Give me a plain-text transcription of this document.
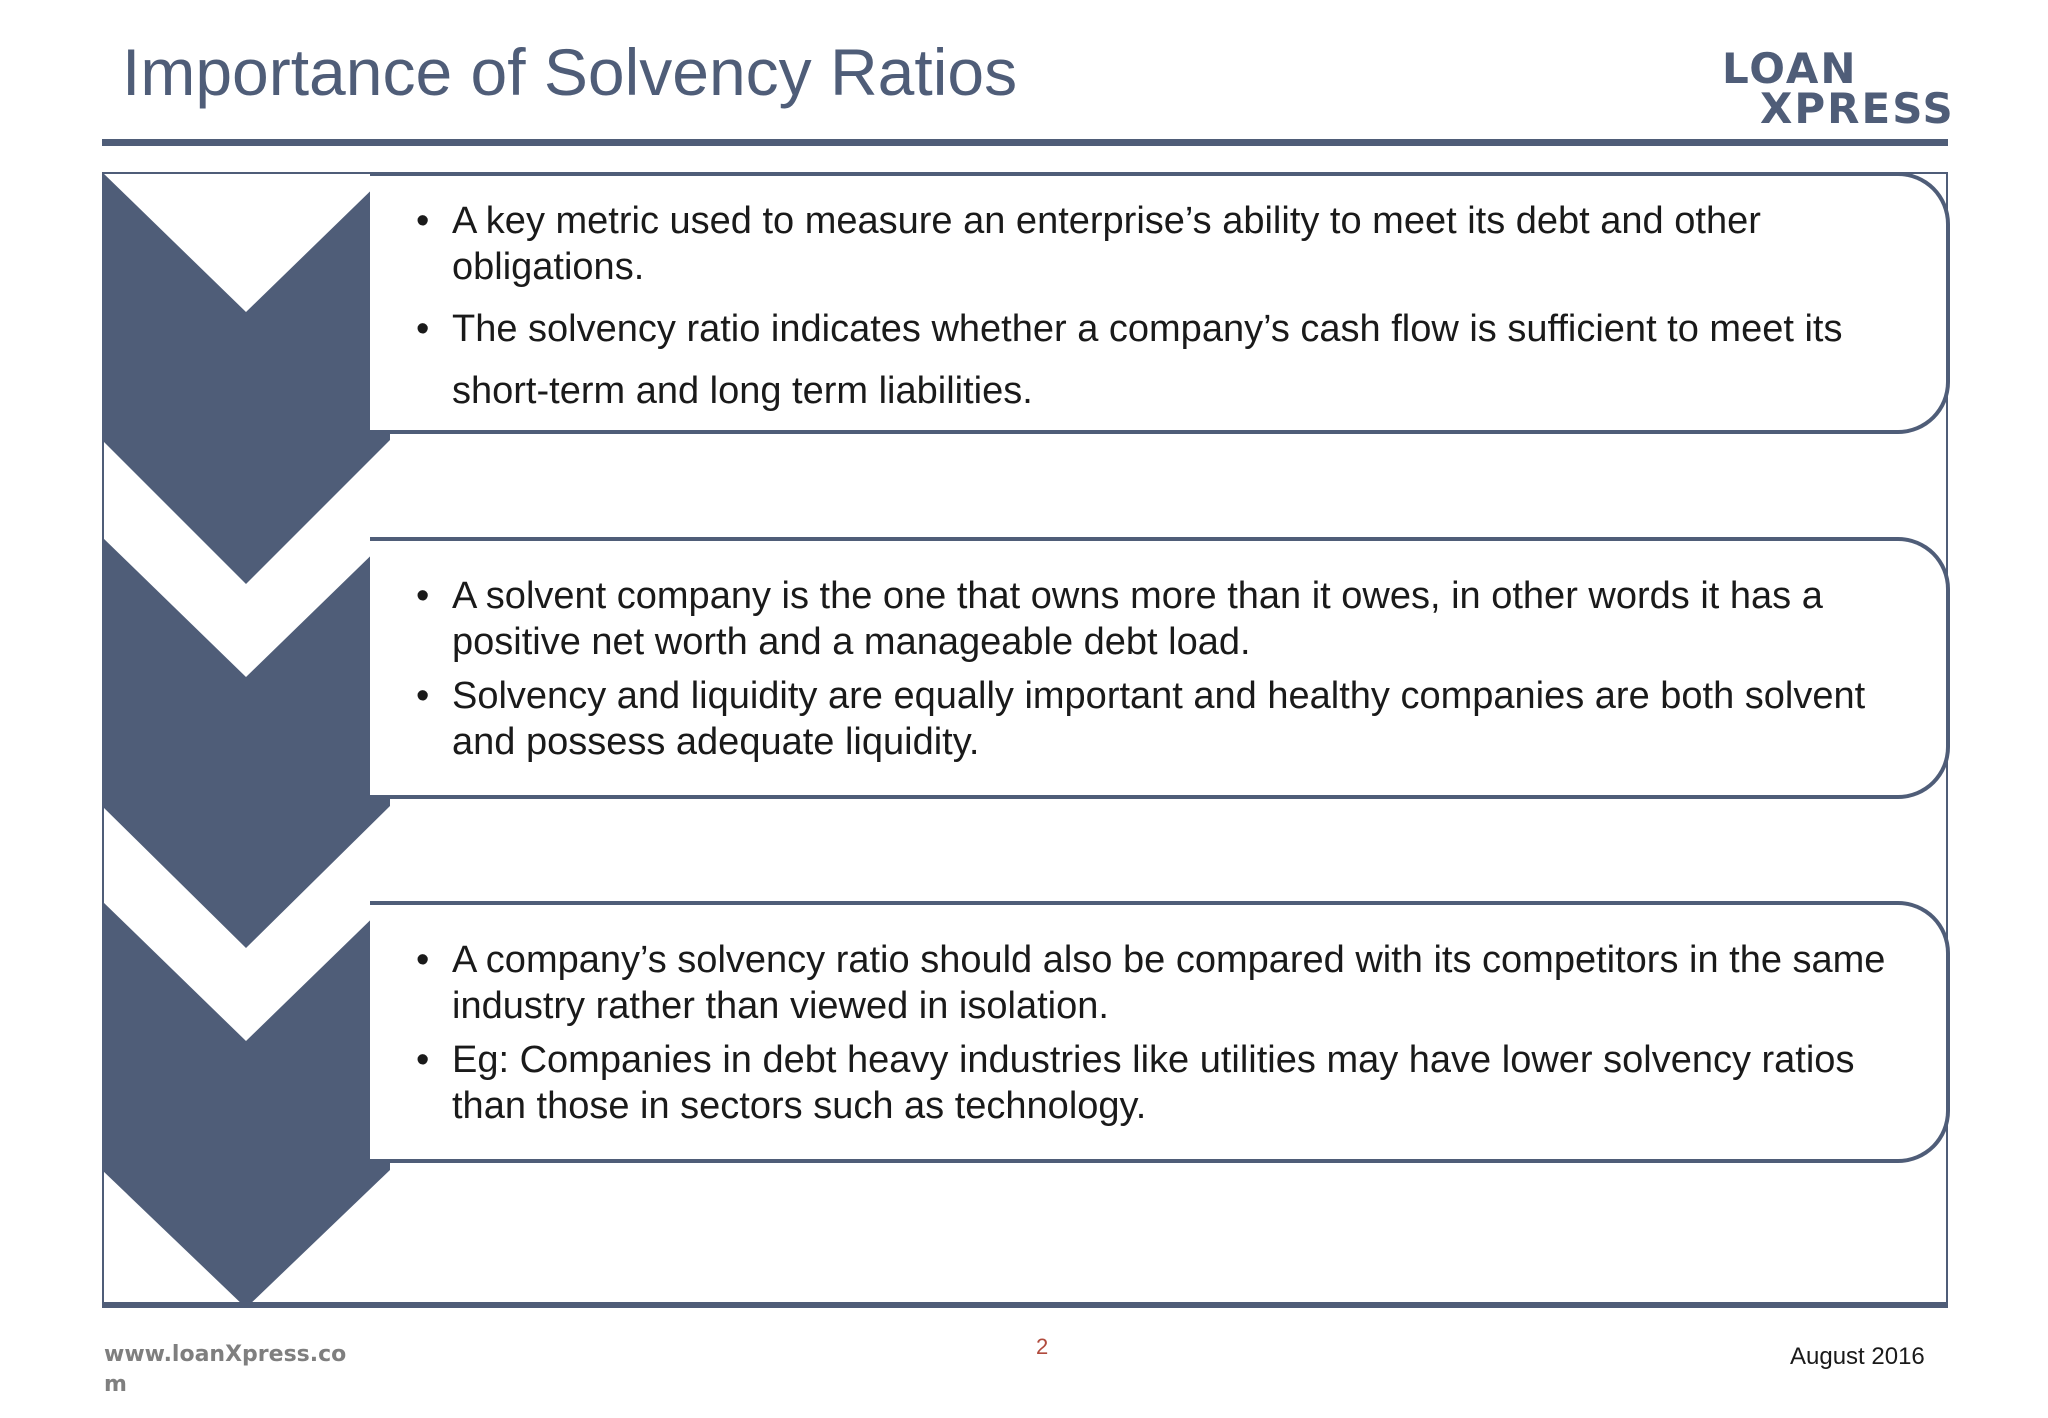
Importance of Solvency Ratios	LOAN
XPRESS
• A key metric used to measure an enterprise’s ability to meet its debt and other obligations.
• The solvency ratio indicates whether a company’s cash flow is sufficient to meet its short-term and long term liabilities.
• A solvent company is the one that owns more than it owes, in other words it has a positive net worth and a manageable debt load.
• Solvency and liquidity are equally important and healthy companies are both solvent and possess adequate liquidity.
• A company’s solvency ratio should also be compared with its competitors in the same industry rather than viewed in isolation.
• Eg: Companies in debt heavy industries like utilities may have lower solvency ratios than those in sectors such as technology.
www.loanXpress.com
2	August 2016
